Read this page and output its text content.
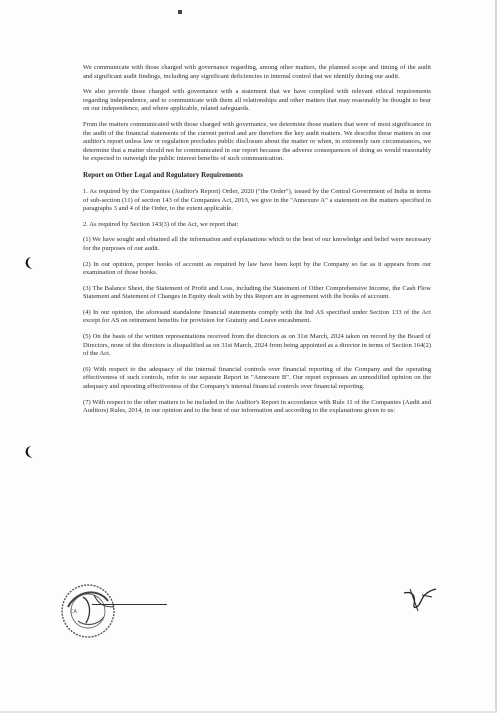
We communicate with those charged with governance regarding, among other matters, the planned scope and timing of the audit and significant audit findings, including any significant deficiencies in internal control that we identify during our audit.

We also provide those charged with governance with a statement that we have complied with relevant ethical requirements regarding independence, and to communicate with them all relationships and other matters that may reasonably be thought to bear on our independence, and where applicable, related safeguards.

From the matters communicated with those charged with governance, we determine those matters that were of most significance in the audit of the financial statements of the current period and are therefore the key audit matters. We describe these matters in our auditor's report unless law or regulation precludes public disclosure about the matter or when, in extremely rare circumstances, we determine that a matter should not be communicated in our report because the adverse consequences of doing so would reasonably be expected to outweigh the public interest benefits of such communication.

Report on Other Legal and Regulatory Requirements

1. As required by the Companies (Auditor's Report) Order, 2020 ("the Order"), issued by the Central Government of India in terms of sub-section (11) of section 143 of the Companies Act, 2013, we give in the "Annexure A" a statement on the matters specified in paragraphs 3 and 4 of the Order, to the extent applicable.

2. As required by Section 143(3) of the Act, we report that:

(1) We have sought and obtained all the information and explanations which to the best of our knowledge and belief were necessary for the purposes of our audit.

(2) In our opinion, proper books of account as required by law have been kept by the Company so far as it appears from our examination of those books.

(3) The Balance Sheet, the Statement of Profit and Loss, including the Statement of Other Comprehensive Income, the Cash Flow Statement and Statement of Changes in Equity dealt with by this Report are in agreement with the books of account.

(4) In our opinion, the aforesaid standalone financial statements comply with the Ind AS specified under Section 133 of the Act except for AS on retirement benefits for provision for Gratuity and Leave encashment.

(5) On the basis of the written representations received from the directors as on 31st March, 2024 taken on record by the Board of Directors, none of the directors is disqualified as on 31st March, 2024 from being appointed as a director in terms of Section 164(2) of the Act.

(6) With respect to the adequacy of the internal financial controls over financial reporting of the Company and the operating effectiveness of such controls, refer to our separate Report in "Annexure B". Our report expresses an unmodified opinion on the adequacy and operating effectiveness of the Company's internal financial controls over financial reporting.

(7) With respect to the other matters to be included in the Auditor's Report in accordance with Rule 11 of the Companies (Audit and Auditors) Rules, 2014, in our opinion and to the best of our information and according to the explanations given to us:

CA
